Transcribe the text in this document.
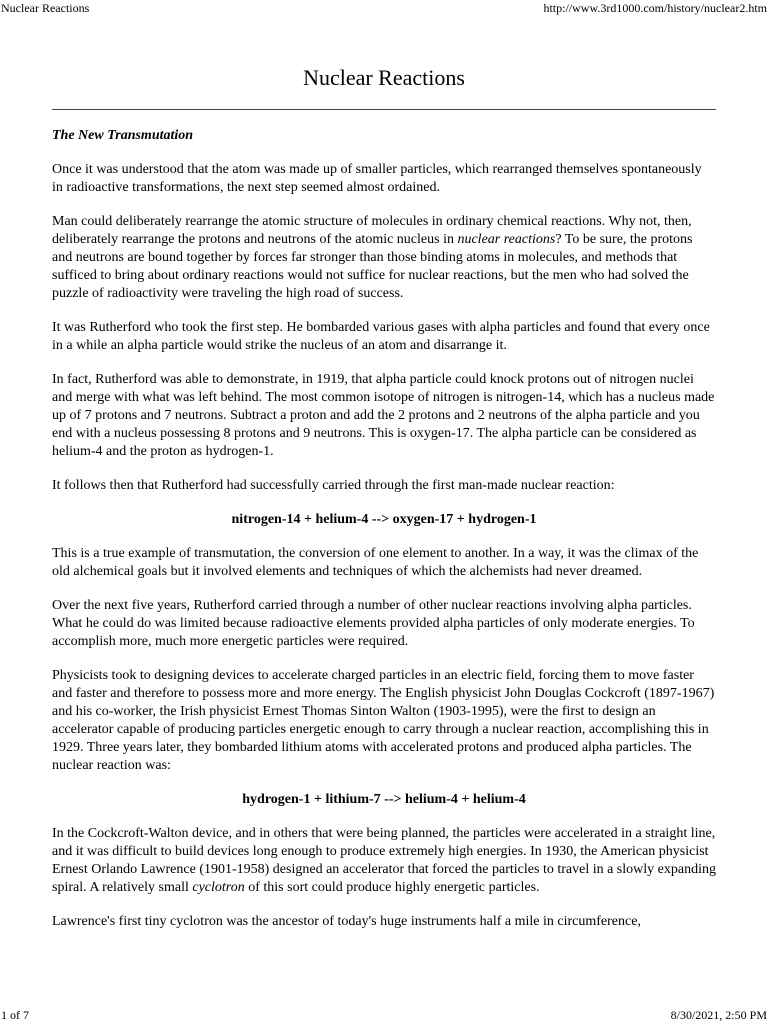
Nuclear Reactions	http://www.3rd1000.com/history/nuclear2.htm
Nuclear Reactions
The New Transmutation

Once it was understood that the atom was made up of smaller particles, which rearranged themselves spontaneously in radioactive transformations, the next step seemed almost ordained.

Man could deliberately rearrange the atomic structure of molecules in ordinary chemical reactions. Why not, then, deliberately rearrange the protons and neutrons of the atomic nucleus in nuclear reactions? To be sure, the protons and neutrons are bound together by forces far stronger than those binding atoms in molecules, and methods that sufficed to bring about ordinary reactions would not suffice for nuclear reactions, but the men who had solved the puzzle of radioactivity were traveling the high road of success.

It was Rutherford who took the first step. He bombarded various gases with alpha particles and found that every once in a while an alpha particle would strike the nucleus of an atom and disarrange it.

In fact, Rutherford was able to demonstrate, in 1919, that alpha particle could knock protons out of nitrogen nuclei and merge with what was left behind. The most common isotope of nitrogen is nitrogen-14, which has a nucleus made up of 7 protons and 7 neutrons. Subtract a proton and add the 2 protons and 2 neutrons of the alpha particle and you end with a nucleus possessing 8 protons and 9 neutrons. This is oxygen-17. The alpha particle can be considered as helium-4 and the proton as hydrogen-1.

It follows then that Rutherford had successfully carried through the first man-made nuclear reaction:

nitrogen-14 + helium-4 --> oxygen-17 + hydrogen-1

This is a true example of transmutation, the conversion of one element to another. In a way, it was the climax of the old alchemical goals but it involved elements and techniques of which the alchemists had never dreamed.

Over the next five years, Rutherford carried through a number of other nuclear reactions involving alpha particles. What he could do was limited because radioactive elements provided alpha particles of only moderate energies. To accomplish more, much more energetic particles were required.

Physicists took to designing devices to accelerate charged particles in an electric field, forcing them to move faster and faster and therefore to possess more and more energy. The English physicist John Douglas Cockcroft (1897-1967) and his co-worker, the Irish physicist Ernest Thomas Sinton Walton (1903-1995), were the first to design an accelerator capable of producing particles energetic enough to carry through a nuclear reaction, accomplishing this in 1929. Three years later, they bombarded lithium atoms with accelerated protons and produced alpha particles. The nuclear reaction was:

hydrogen-1 + lithium-7 --> helium-4 + helium-4

In the Cockcroft-Walton device, and in others that were being planned, the particles were accelerated in a straight line, and it was difficult to build devices long enough to produce extremely high energies. In 1930, the American physicist Ernest Orlando Lawrence (1901-1958) designed an accelerator that forced the particles to travel in a slowly expanding spiral. A relatively small cyclotron of this sort could produce highly energetic particles.

Lawrence's first tiny cyclotron was the ancestor of today's huge instruments half a mile in circumference,

1 of 7	8/30/2021, 2:50 PM
